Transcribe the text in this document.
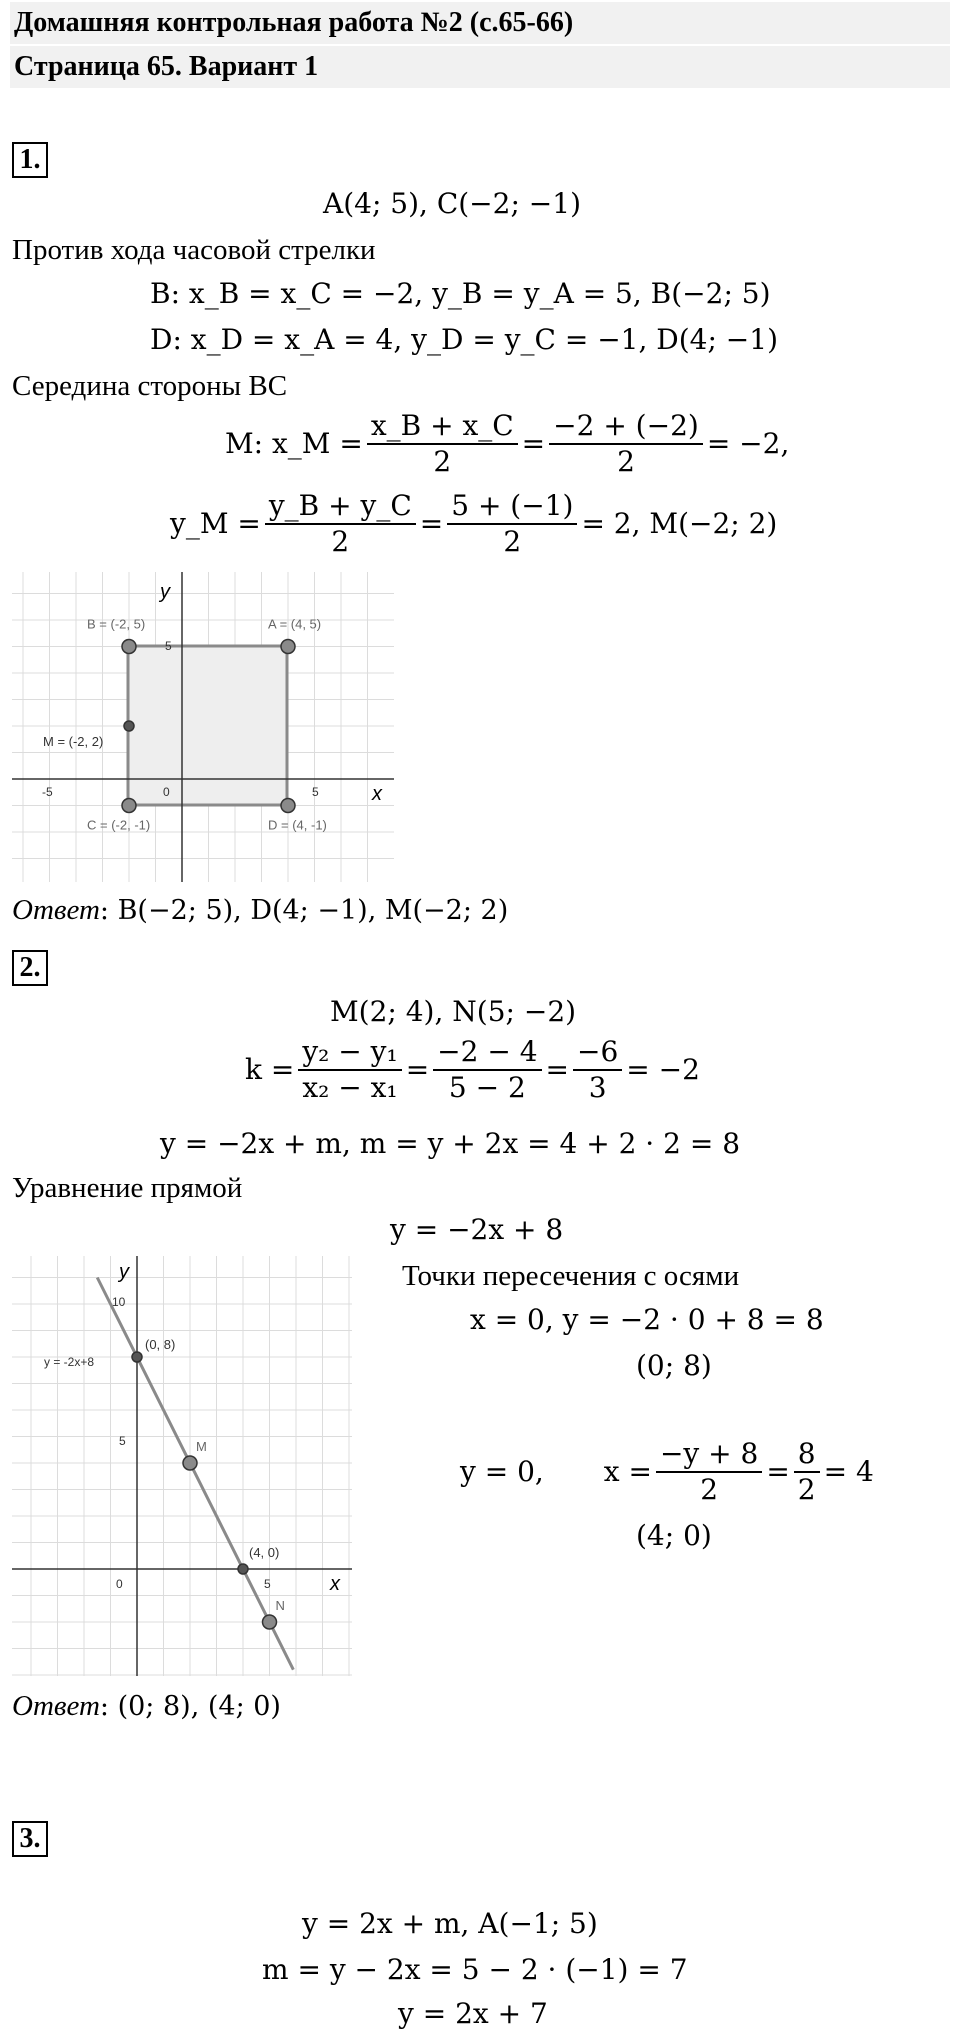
Домашняя контрольная работа №2 (с.65-66)
Страница 65. Вариант 1
1.
A(4; 5), C(−2; −1)
Против хода часовой стрелки
B: x_B = x_C = −2, y_B = y_A = 5, B(−2; 5)
D: x_D = x_A = 4, y_D = y_C = −1, D(4; −1)
Середина стороны BC
M: x_M = $\frac{x\_B + x\_C}{2} = \frac{-2 + (-2)}{2} = -2$,
y_M = $\frac{y\_B + y\_C}{2} = \frac{5 + (-1)}{2} = 2$, M(−2; 2)
x
y
-5	0	5
5
A = (4, 5)
B = (-2, 5)
C = (-2, -1)	D = (4, -1)
M = (-2, 2)
Ответ: B(−2; 5), D(4; −1), M(−2; 2)
2.
M(2; 4), N(5; −2)
$k = \frac{\text{y₂ − y₁}}{\text{x₂ − x₁}} = \frac{-2 - 4}{5 - 2} = \frac{-6}{3} = -2$
y = −2x + m, m = y + 2x = 4 + 2 · 2 = 8
Уравнение прямой
y = −2x + 8
Точки пересечения с осями
x = 0, y = −2 · 0 + 8 = 8
(0; 8)
y = 0, $x = \frac{-y + 8}{2} = \frac{8}{2} = 4$
(4; 0)
x
y
0	5
5
10
y = -2x+8
(0, 8)
M
(4, 0)
N
Ответ: (0; 8), (4; 0)
3.
y = 2x + m, A(−1; 5)
m = y − 2x = 5 − 2 · (−1) = 7
y = 2x + 7
